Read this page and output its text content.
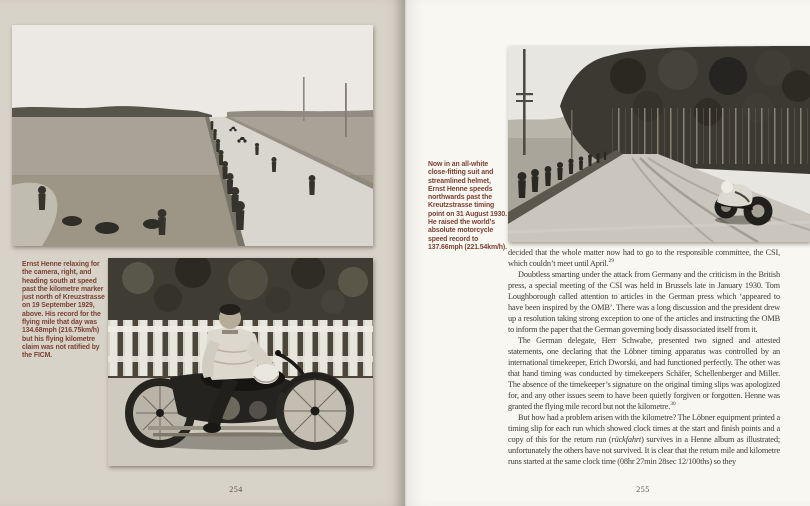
Ernst Henne relaxing for the camera, right, and heading south at speed past the kilometre marker just north of Kreuzstrasse on 19 September 1929, above. His record for the flying mile that day was 134.68mph (216.75km/h) but his flying kilometre claim was not ratified by the FICM.

254

Now in an all-white close-fitting suit and streamlined helmet, Ernst Henne speeds northwards past the Kreutzstrasse timing point on 31 August 1930. He raised the world’s absolute motorcycle speed record to 137.66mph (221.54km/h).

decided that the whole matter now had to go to the responsible committee, the CSI, which couldn’t meet until April.$^{29}$

Doubtless smarting under the attack from Germany and the criticism in the British press, a special meeting of the CSI was held in Brussels late in January 1930. Tom Loughborough called attention to articles in the German press which ‘appeared to have been inspired by the OMB’. There was a long discussion and the president drew up a resolution taking strong exception to one of the articles and instructing the OMB to inform the paper that the German governing body disassociated itself from it.

The German delegate, Herr Schwabe, presented two signed and attested statements, one declaring that the Löbner timing apparatus was controlled by an international timekeeper, Erich Dworski, and had functioned perfectly. The other was that hand timing was conducted by timekeepers Schäfer, Schellenberger and Miller. The absence of the timekeeper’s signature on the original timing slips was apologized for, and any other issues seem to have been quietly forgiven or forgotten. Henne was granted the flying mile record but not the kilometre.$^{30}$

But how had a problem arisen with the kilometre? The Löbner equipment printed a timing slip for each run which showed clock times at the start and finish points and a copy of this for the return run (rückfahrt) survives in a Henne album as illustrated; unfortunately the others have not survived. It is clear that the return mile and kilometre runs started at the same clock time (08hr 27min 28sec 12/100ths) so they

255
